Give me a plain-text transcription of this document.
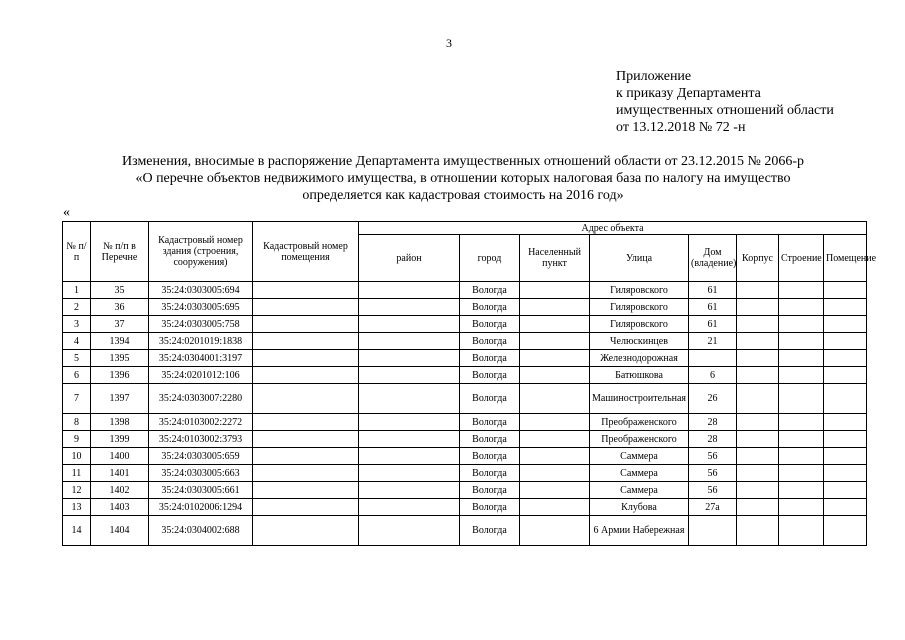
3
Приложение
к приказу Департамента
имущественных отношений области
от 13.12.2018 № 72 -н
Изменения, вносимые в распоряжение Департамента имущественных отношений области от 23.12.2015 № 2066-р
«О перечне объектов недвижимого имущества, в отношении которых налоговая база по налогу на имущество
определяется как кадастровая стоимость на 2016 год»
«
№ п/п	№ п/п в Перечне	Кадастровый номер здания (строения, сооружения)	Кадастровый номер помещения	Адрес объекта							
				район	город	Населенный пункт	Улица	Дом (владение)	Корпус	Строение	Помещение
1	35	35:24:0303005:694			Вологда		Гиляровского	61			
2	36	35:24:0303005:695			Вологда		Гиляровского	61			
3	37	35:24:0303005:758			Вологда		Гиляровского	61			
4	1394	35:24:0201019:1838			Вологда		Челюскинцев	21			
5	1395	35:24:0304001:3197			Вологда		Железнодорожная				
6	1396	35:24:0201012:106			Вологда		Батюшкова	6			
7	1397	35:24:0303007:2280			Вологда		Машиностроительная	26			
8	1398	35:24:0103002:2272			Вологда		Преображенского	28			
9	1399	35:24:0103002:3793			Вологда		Преображенского	28			
10	1400	35:24:0303005:659			Вологда		Саммера	56			
11	1401	35:24:0303005:663			Вологда		Саммера	56			
12	1402	35:24:0303005:661			Вологда		Саммера	56			
13	1403	35:24:0102006:1294			Вологда		Клубова	27а			
14	1404	35:24:0304002:688			Вологда		6 Армии Набережная				
